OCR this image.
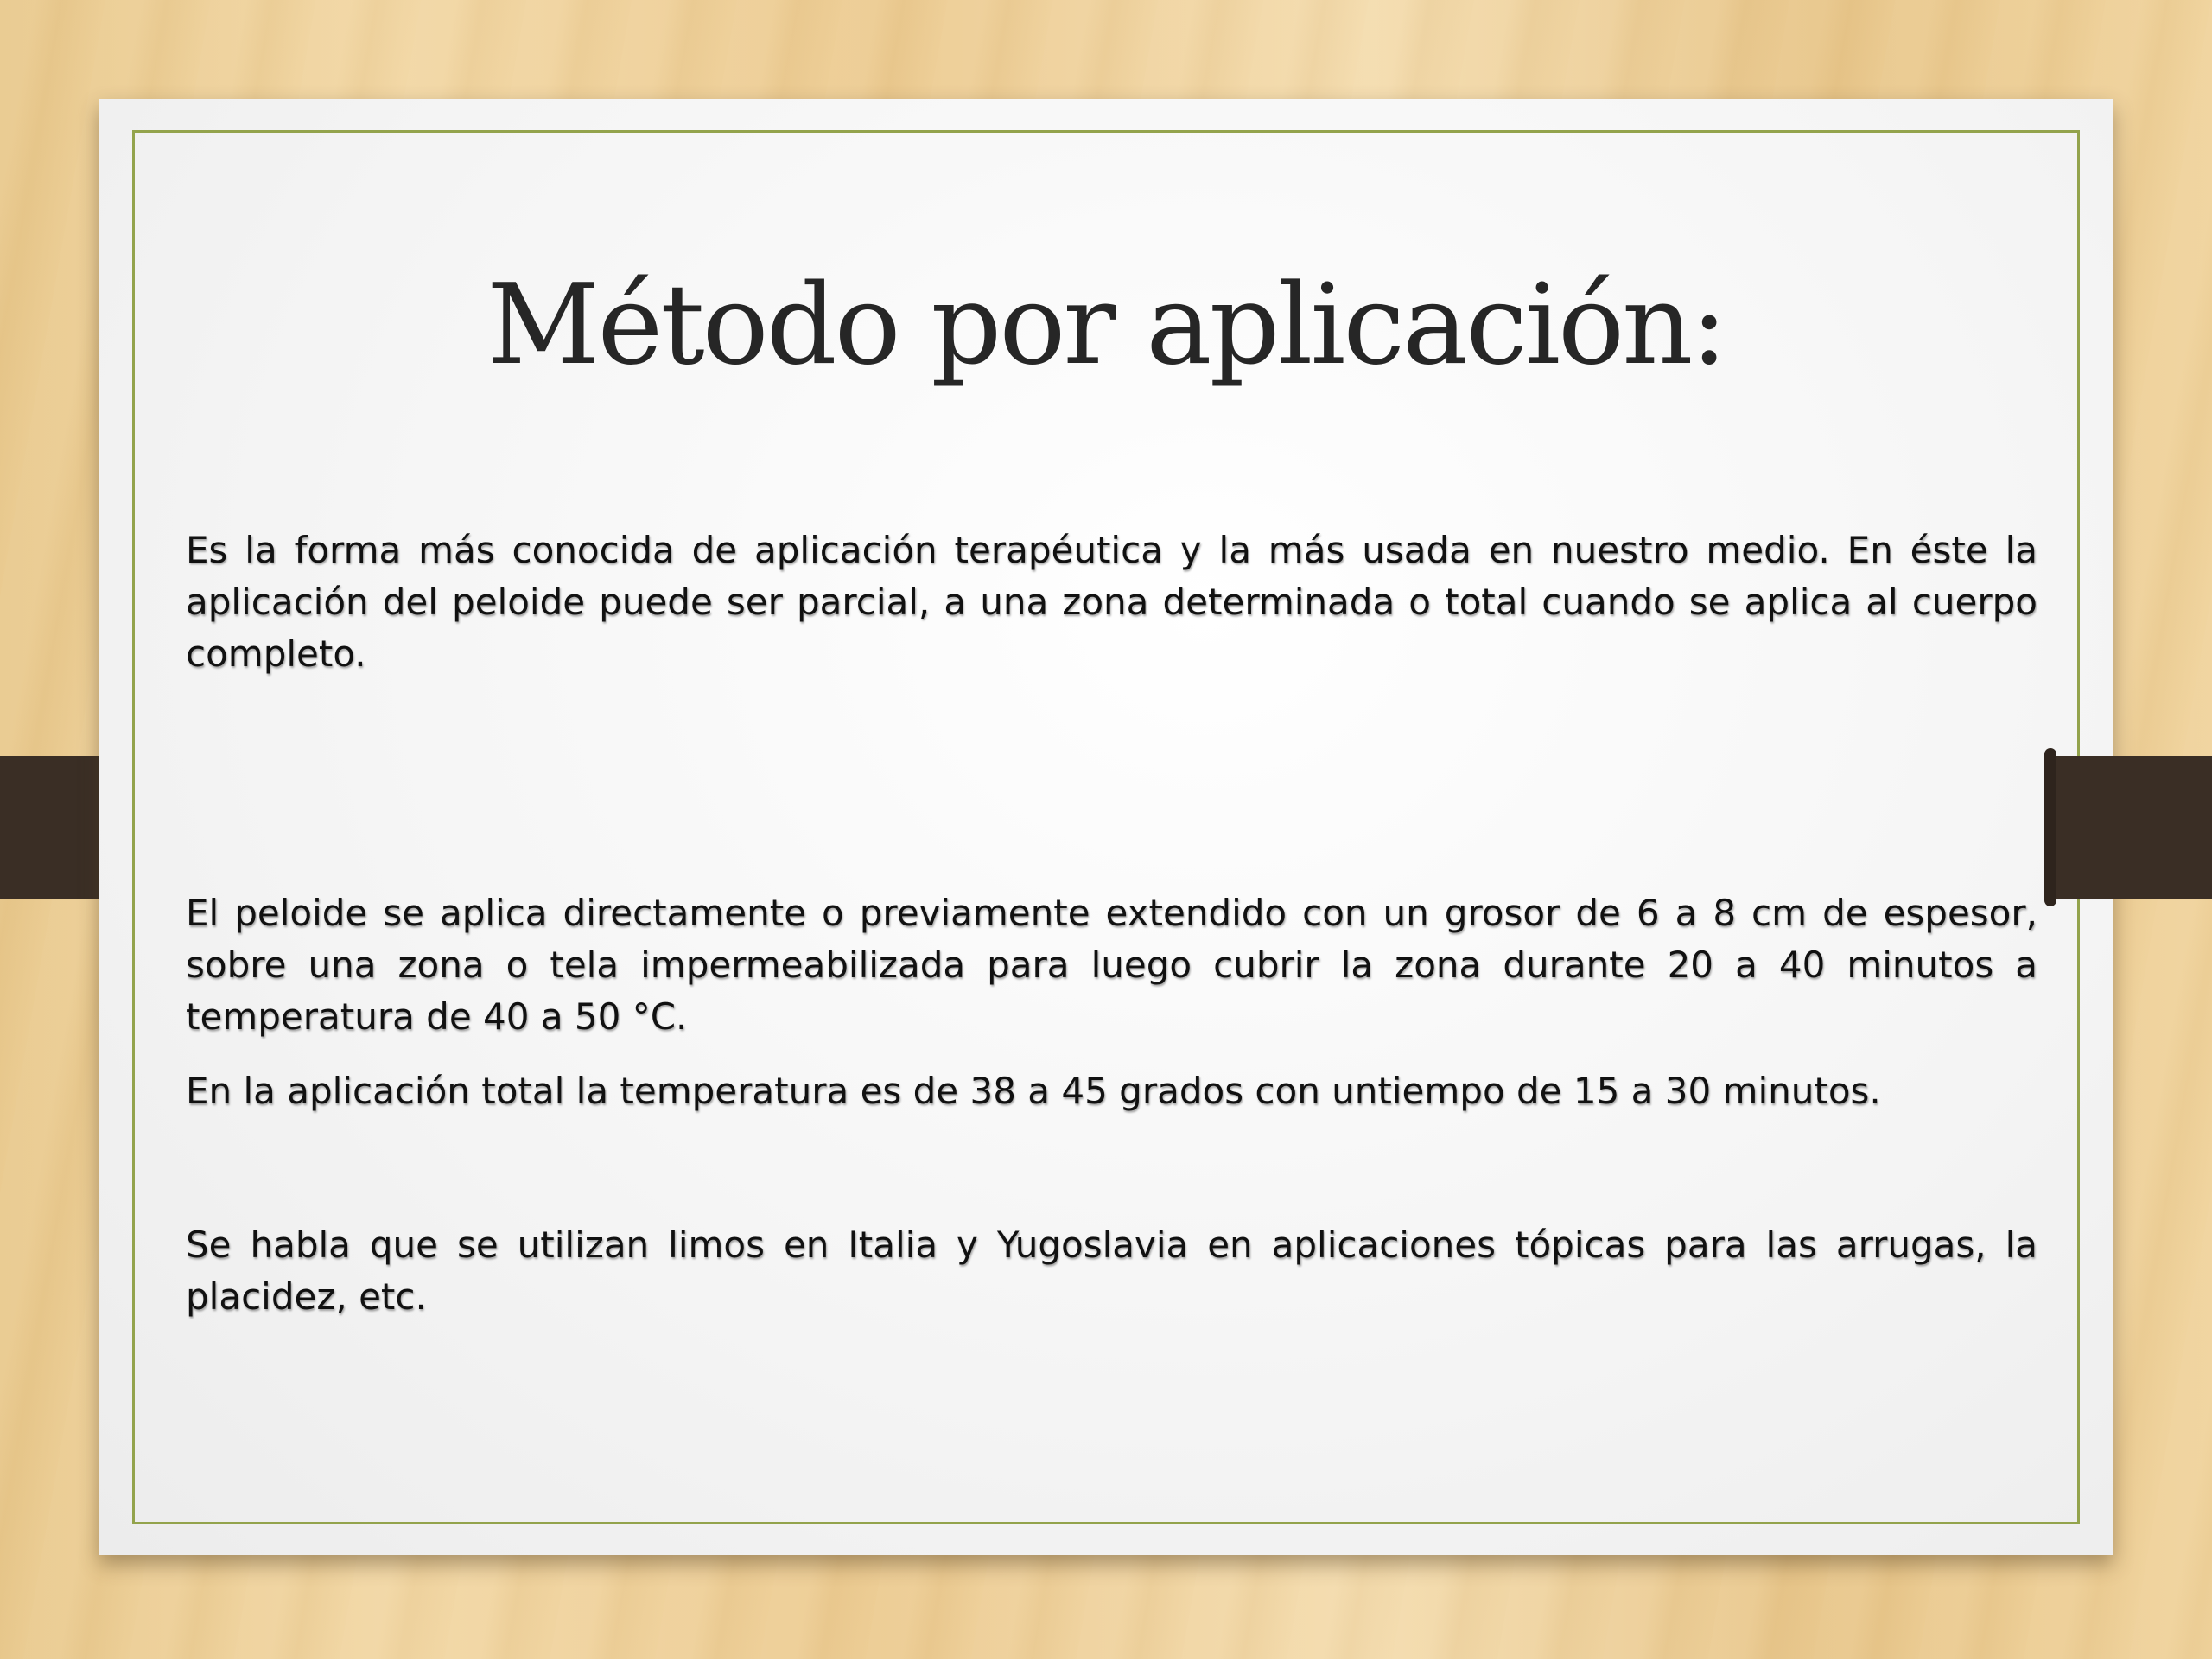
Método por aplicación:

Es la forma más conocida de aplicación terapéutica y la más usada en nuestro medio. En éste la aplicación del peloide puede ser parcial, a una zona determinada o total cuando se aplica al cuerpo completo.

El peloide se aplica directamente o previamente extendido con un grosor de 6 a 8 cm de espesor, sobre una zona o tela impermeabilizada para luego cubrir la zona durante 20 a 40 minutos a temperatura de 40 a 50 °C.

En la aplicación total la temperatura es de 38 a 45 grados con untiempo de 15 a 30 minutos.

Se habla que se utilizan limos en Italia y Yugoslavia en aplicaciones tópicas para las arrugas, la placidez, etc.
